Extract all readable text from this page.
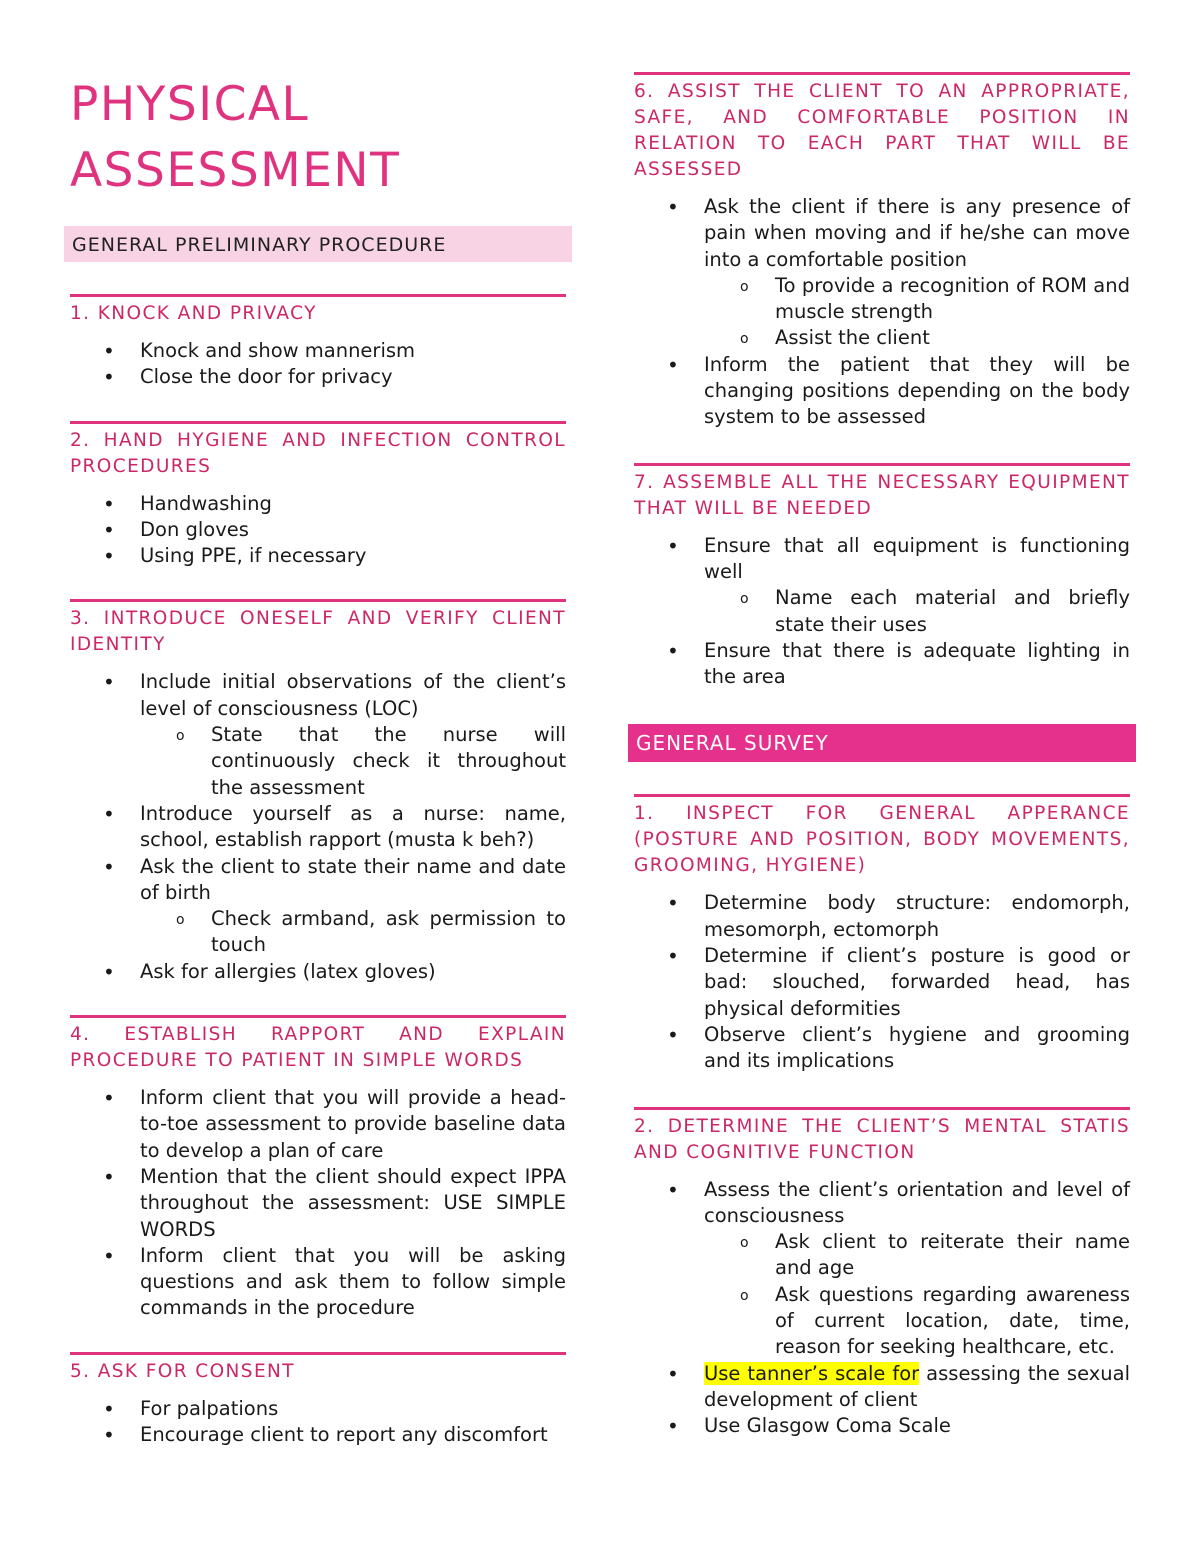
PHYSICAL
ASSESSMENT
GENERAL PRELIMINARY PROCEDURE
1. KNOCK AND PRIVACY
• Knock and show mannerism
• Close the door for privacy
2. HAND HYGIENE AND INFECTION CONTROL PROCEDURES
• Handwashing
• Don gloves
• Using PPE, if necessary
3. INTRODUCE ONESELF AND VERIFY CLIENT IDENTITY
• Include initial observations of the client’s level of consciousness (LOC)
o State that the nurse will continuously check it throughout the assessment
• Introduce yourself as a nurse: name, school, establish rapport (musta k beh?)
• Ask the client to state their name and date of birth
o Check armband, ask permission to touch
• Ask for allergies (latex gloves)
4. ESTABLISH RAPPORT AND EXPLAIN PROCEDURE TO PATIENT IN SIMPLE WORDS
• Inform client that you will provide a head-to-toe assessment to provide baseline data to develop a plan of care
• Mention that the client should expect IPPA throughout the assessment: USE SIMPLE WORDS
• Inform client that you will be asking questions and ask them to follow simple commands in the procedure
5. ASK FOR CONSENT
• For palpations
• Encourage client to report any discomfort
6. ASSIST THE CLIENT TO AN APPROPRIATE, SAFE, AND COMFORTABLE POSITION IN RELATION TO EACH PART THAT WILL BE ASSESSED
• Ask the client if there is any presence of pain when moving and if he/she can move into a comfortable position
o To provide a recognition of ROM and muscle strength
o Assist the client
• Inform the patient that they will be changing positions depending on the body system to be assessed
7. ASSEMBLE ALL THE NECESSARY EQUIPMENT THAT WILL BE NEEDED
• Ensure that all equipment is functioning well
o Name each material and briefly state their uses
• Ensure that there is adequate lighting in the area
GENERAL SURVEY
1. INSPECT FOR GENERAL APPERANCE (POSTURE AND POSITION, BODY MOVEMENTS, GROOMING, HYGIENE)
• Determine body structure: endomorph, mesomorph, ectomorph
• Determine if client’s posture is good or bad: slouched, forwarded head, has physical deformities
• Observe client’s hygiene and grooming and its implications
2. DETERMINE THE CLIENT’S MENTAL STATIS AND COGNITIVE FUNCTION
• Assess the client’s orientation and level of consciousness
o Ask client to reiterate their name and age
o Ask questions regarding awareness of current location, date, time, reason for seeking healthcare, etc.
• Use tanner’s scale for assessing the sexual development of client
• Use Glasgow Coma Scale
